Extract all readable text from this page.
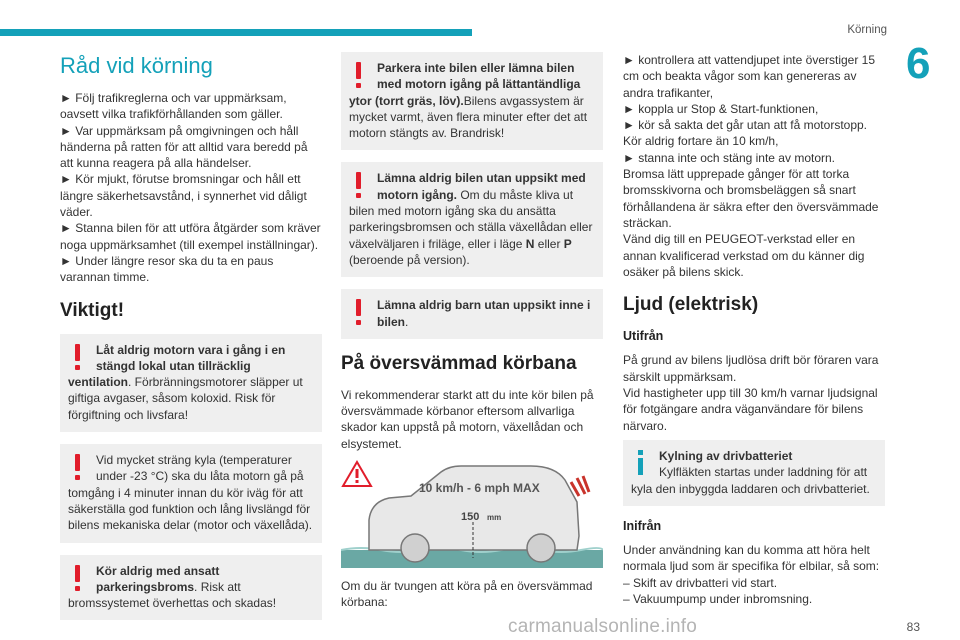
Körning
6
Råd vid körning
► Följ trafikreglerna och var uppmärksam, oavsett vilka trafikförhållanden som gäller.
► Var uppmärksam på omgivningen och håll händerna på ratten för att alltid vara beredd på att kunna reagera på alla händelser.
► Kör mjukt, förutse bromsningar och håll ett längre säkerhetsavstånd, i synnerhet vid dåligt väder.
► Stanna bilen för att utföra åtgärder som kräver noga uppmärksamhet (till exempel inställningar).
► Under längre resor ska du ta en paus varannan timme.
Viktigt!

Låt aldrig motorn vara i gång i en stängd lokal utan tillräcklig ventilation. Förbränningsmotorer släpper ut giftiga avgaser, såsom koloxid. Risk för förgiftning och livsfara!

Vid mycket sträng kyla (temperaturer under -23 °C) ska du låta motorn gå på tomgång i 4 minuter innan du kör iväg för att säkerställa god funktion och lång livslängd för bilens mekaniska delar (motor och växellåda).

Kör aldrig med ansatt parkeringsbroms. Risk att bromssystemet överhettas och skadas!

Parkera inte bilen eller lämna bilen med motorn igång på lättantändliga ytor (torrt gräs, löv).Bilens avgassystem är mycket varmt, även flera minuter efter det att motorn stängts av. Brandrisk!

Lämna aldrig bilen utan uppsikt med motorn igång. Om du måste kliva ut bilen med motorn igång ska du ansätta parkeringsbromsen och ställa växellådan eller växelväljaren i friläge, eller i läge N eller P (beroende på version).

Lämna aldrig barn utan uppsikt inne i bilen.

På översvämmad körbana

Vi rekommenderar starkt att du inte kör bilen på översvämmade körbanor eftersom allvarliga skador kan uppstå på motorn, växellådan och elsystemet.

10 km/h - 6 mph MAX
150 mm

Om du är tvungen att köra på en översvämmad körbana:

► kontrollera att vattendjupet inte överstiger 15 cm och beakta vågor som kan genereras av andra trafikanter,
► koppla ur Stop & Start-funktionen,
► kör så sakta det går utan att få motorstopp. Kör aldrig fortare än 10 km/h,
► stanna inte och stäng inte av motorn.

Bromsa lätt upprepade gånger för att torka bromsskivorna och bromsbeläggen så snart förhållandena är säkra efter den översvämmade sträckan.

Vänd dig till en PEUGEOT-verkstad eller en annan kvalificerad verkstad om du känner dig osäker på bilens skick.

Ljud (elektrisk)
Utifrån

På grund av bilens ljudlösa drift bör föraren vara särskilt uppmärksam.

Vid hastigheter upp till 30 km/h varnar ljudsignal för fotgängare andra väganvändare för bilens närvaro.

Kylning av drivbatteriet
Kylfläkten startas under laddning för att kyla den inbyggda laddaren och drivbatteriet.

Inifrån

Under användning kan du komma att höra helt normala ljud som är specifika för elbilar, så som:

– Skift av drivbatteri vid start.
– Vakuumpump under inbromsning.
carmanualsonline.info	83
